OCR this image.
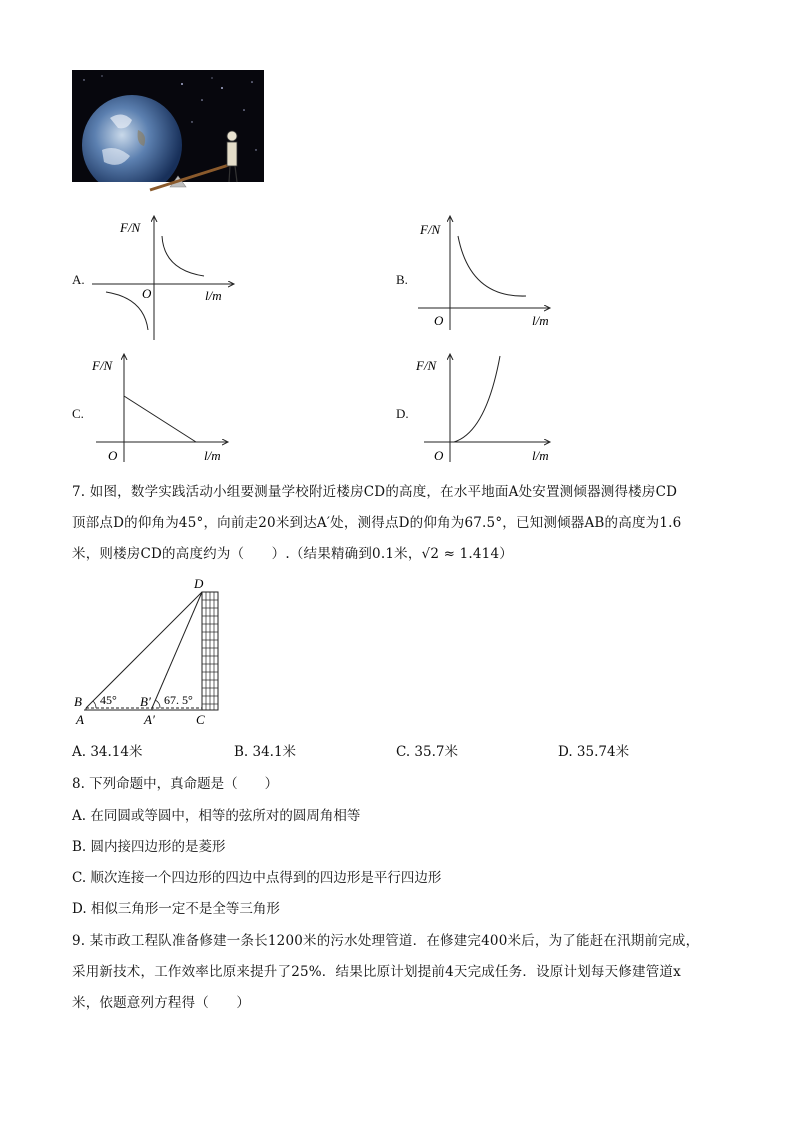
A.
F/N
l/m
O
B.
F/N
l/m
O
C.
F/N
l/m
O
D.
F/N
l/m
O
7. 如图，数学实践活动小组要测量学校附近楼房CD的高度，在水平地面A处安置测倾器测得楼房CD
顶部点D的仰角为45°，向前走20米到达A′处，测得点D的仰角为67.5°，已知测倾器AB的高度为1.6
米，则楼房CD的高度约为（　　）.（结果精确到0.1米，√2 ≈ 1.414）
D
B	B′
A	A′	C
45°	67. 5°
A. 34.14米	B. 34.1米	C. 35.7米	D. 35.74米
8. 下列命题中，真命题是（　　）
A. 在同圆或等圆中，相等的弦所对的圆周角相等
B. 圆内接四边形的是菱形
C. 顺次连接一个四边形的四边中点得到的四边形是平行四边形
D. 相似三角形一定不是全等三角形
9. 某市政工程队准备修建一条长1200米的污水处理管道．在修建完400米后，为了能赶在汛期前完成，
采用新技术，工作效率比原来提升了25%．结果比原计划提前4天完成任务．设原计划每天修建管道x
米，依题意列方程得（　　）
